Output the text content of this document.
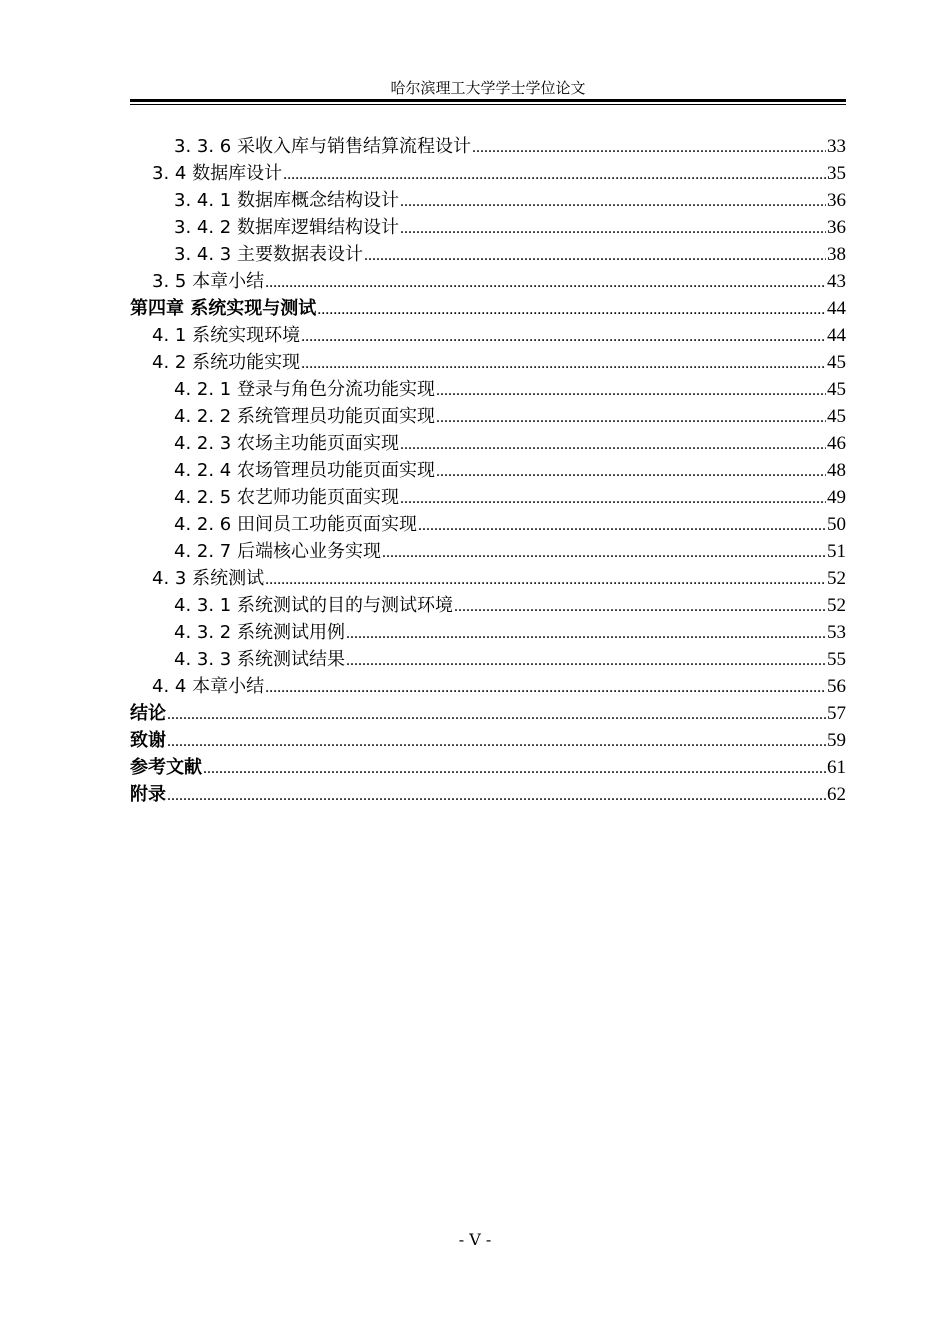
哈尔滨理工大学学士学位论文
3. 3. 6 采收入库与销售结算流程设计 .....	33
3. 4 数据库设计 .....	35
3. 4. 1 数据库概念结构设计 .....	36
3. 4. 2 数据库逻辑结构设计 .....	36
3. 4. 3 主要数据表设计 .....	38
3. 5 本章小结 .....	43
第四章 系统实现与测试 .....	44
4. 1 系统实现环境 .....	44
4. 2 系统功能实现 .....	45
4. 2. 1 登录与角色分流功能实现 .....	45
4. 2. 2 系统管理员功能页面实现 .....	45
4. 2. 3 农场主功能页面实现 .....	46
4. 2. 4 农场管理员功能页面实现 .....	48
4. 2. 5 农艺师功能页面实现 .....	49
4. 2. 6 田间员工功能页面实现 .....	50
4. 2. 7 后端核心业务实现 .....	51
4. 3 系统测试 .....	52
4. 3. 1 系统测试的目的与测试环境 .....	52
4. 3. 2 系统测试用例 .....	53
4. 3. 3 系统测试结果 .....	55
4. 4 本章小结 .....	56
结论 .....	57
致谢 .....	59
参考文献 .....	61
附录 .....	62
- V -
